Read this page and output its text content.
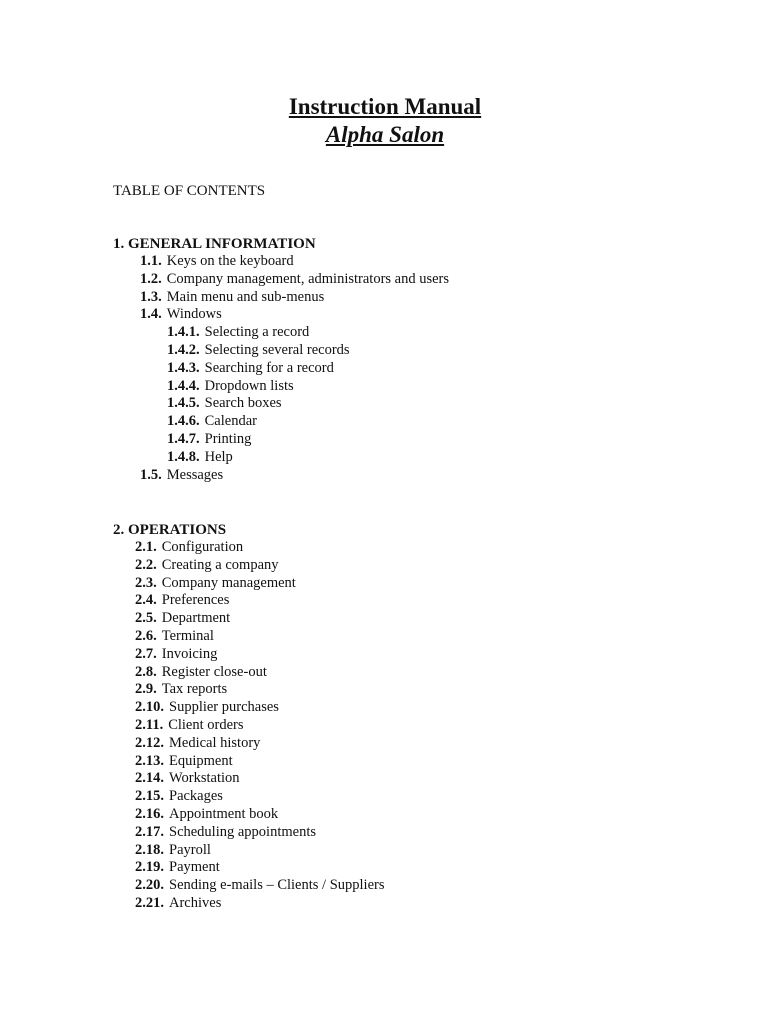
Instruction Manual
Alpha Salon
TABLE OF CONTENTS
1. GENERAL INFORMATION
1.1. Keys on the keyboard
1.2. Company management, administrators and users
1.3. Main menu and sub-menus
1.4. Windows
1.4.1. Selecting a record
1.4.2. Selecting several records
1.4.3. Searching for a record
1.4.4. Dropdown lists
1.4.5. Search boxes
1.4.6. Calendar
1.4.7. Printing
1.4.8. Help
1.5. Messages
2. OPERATIONS
2.1. Configuration
2.2. Creating a company
2.3. Company management
2.4. Preferences
2.5. Department
2.6. Terminal
2.7. Invoicing
2.8. Register close-out
2.9. Tax reports
2.10. Supplier purchases
2.11. Client orders
2.12. Medical history
2.13. Equipment
2.14. Workstation
2.15. Packages
2.16. Appointment book
2.17. Scheduling appointments
2.18. Payroll
2.19. Payment
2.20. Sending e-mails – Clients / Suppliers
2.21. Archives
